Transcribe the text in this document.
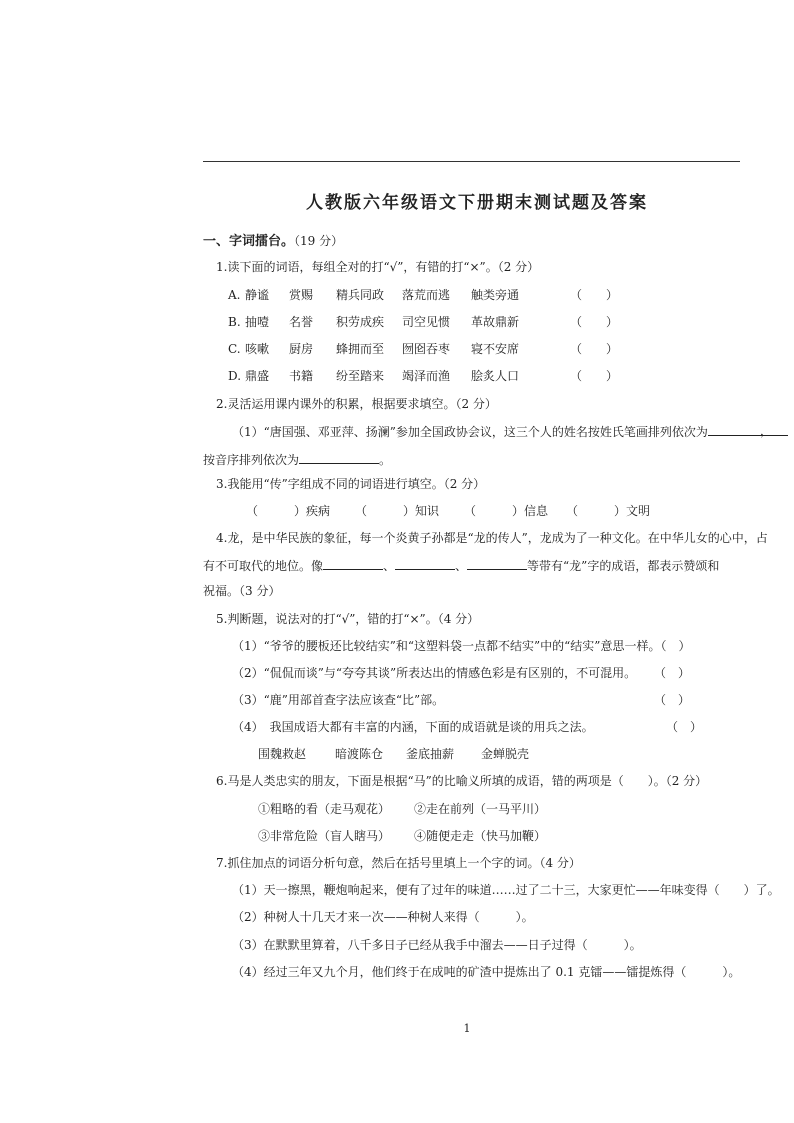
人教版六年级语文下册期末测试题及答案
一、字词擂台。（19 分）
1.读下面的词语，每组全对的打“√”，有错的打“×”。（2 分）
A. 静谧 赏赐 精兵同政 落荒而逃 触类旁通	（　　）
B. 抽噎 名誉 积劳成疾 司空见惯 革故鼎新	（　　）
C. 咳嗽 厨房 蜂拥而至 囫囵吞枣 寝不安席	（　　）
D. 鼎盛 书籍 纷至踏来 竭泽而渔 脍炙人口	（　　）
2.灵活运用课内课外的积累，根据要求填空。（2 分）
（1）“唐国强、邓亚萍、扬澜”参加全国政协会议，这三个人的姓名按姓氏笔画排列依次为	，
按音序排列依次为	。
3.我能用“传”字组成不同的词语进行填空。（2 分）
（　　　）疾病 （　　　）知识 （　　　）信息 （　　　）文明
4.龙，是中华民族的象征，每一个炎黄子孙都是“龙的传人”，龙成为了一种文化。在中华儿女的心中，占
有不可取代的地位。像	、	、	等带有“龙”字的成语，都表示赞颂和
祝福。（3 分）
5.判断题，说法对的打“√”，错的打“×”。（4 分）
（1）“爷爷的腰板还比较结实”和“这塑料袋一点都不结实”中的“结实”意思一样。（　）
（2）“侃侃而谈”与“夸夸其谈”所表达出的情感色彩是有区别的，不可混用。 （　）
（3）“鹿”用部首查字法应该查“比”部。	（　）
（4）　我国成语大都有丰富的内涵，下面的成语就是谈的用兵之法。	（　）
围魏救赵 暗渡陈仓 釜底抽薪 金蝉脱壳
6.马是人类忠实的朋友，下面是根据“马”的比喻义所填的成语，错的两项是（　　）。（2 分）
①粗略的看（走马观花） ②走在前列（一马平川）
③非常危险（盲人瞎马） ④随便走走（快马加鞭）
7.抓住加点的词语分析句意，然后在括号里填上一个字的词。（4 分）
（1）天一擦黑，鞭炮响起来，便有了过年的味道……过了二十三，大家更忙——年味变得（　　）了。
（2）种树人十几天才来一次——种树人来得（　　　）。
（3）在默默里算着，八千多日子已经从我手中溜去——日子过得（　　　）。
（4）经过三年又九个月，他们终于在成吨的矿渣中提炼出了 0.1 克镭——镭提炼得（　　　）。
1
